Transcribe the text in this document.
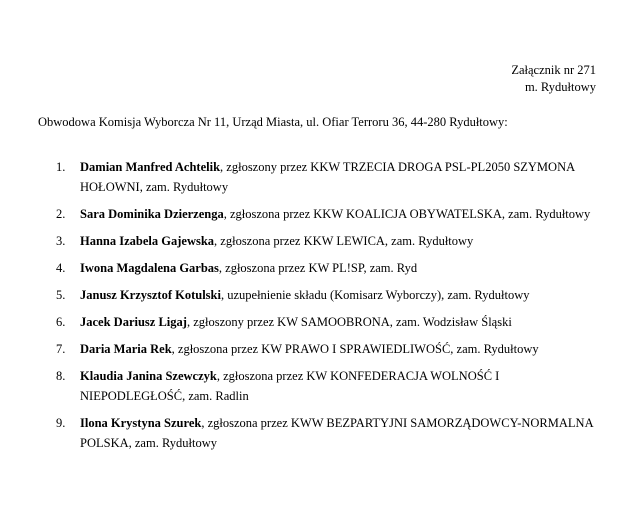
Załącznik nr 271
m. Rydułtowy
Obwodowa Komisja Wyborcza Nr 11, Urząd Miasta, ul. Ofiar Terroru 36, 44-280 Rydułtowy:
1. Damian Manfred Achtelik, zgłoszony przez KKW TRZECIA DROGA PSL-PL2050 SZYMONA HOŁOWNI, zam. Rydułtowy
2. Sara Dominika Dzierzenga, zgłoszona przez KKW KOALICJA OBYWATELSKA, zam. Rydułtowy
3. Hanna Izabela Gajewska, zgłoszona przez KKW LEWICA, zam. Rydułtowy
4. Iwona Magdalena Garbas, zgłoszona przez KW PL!SP, zam. Ryd
5. Janusz Krzysztof Kotulski, uzupełnienie składu (Komisarz Wyborczy), zam. Rydułtowy
6. Jacek Dariusz Ligaj, zgłoszony przez KW SAMOOBRONA, zam. Wodzisław Śląski
7. Daria Maria Rek, zgłoszona przez KW PRAWO I SPRAWIEDLIWOŚĆ, zam. Rydułtowy
8. Klaudia Janina Szewczyk, zgłoszona przez KW KONFEDERACJA WOLNOŚĆ I NIEPODLEGŁOŚĆ, zam. Radlin
9. Ilona Krystyna Szurek, zgłoszona przez KWW BEZPARTYJNI SAMORZĄDOWCY-NORMALNA POLSKA, zam. Rydułtowy
